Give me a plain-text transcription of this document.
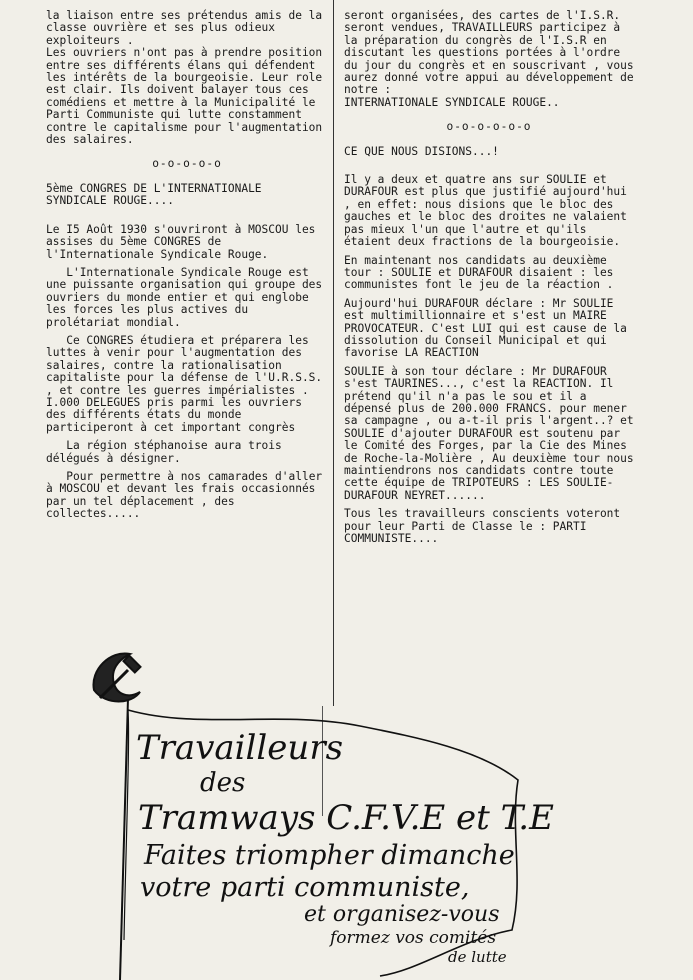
la liaison entre ses prétendus amis de la classe ouvrière et ses plus odieux exploiteurs .
Les ouvriers n'ont pas à prendre position entre ses différents élans qui défendent les intérêts de la bourgeoisie. Leur role est clair. Ils doivent balayer tous ces comédiens et mettre à la Municipalité le Parti Communiste qui lutte constamment contre le capitalisme pour l'augmentation des salaires.

o-o-o-o-o

5ème CONGRES DE L'INTERNATIONALE SYNDICALE ROUGE....

Le I5 Août 1930 s'ouvriront à MOSCOU les assises du 5ème CONGRES de l'Internationale Syndicale Rouge.

L'Internationale Syndicale Rouge est une puissante organisation qui groupe des ouvriers du monde entier et qui englobe les forces les plus actives du prolétariat mondial.

Ce CONGRES étudiera et préparera les luttes à venir pour l'augmentation des salaires, contre la rationalisation capitaliste pour la défense de l'U.R.S.S. , et contre les guerres impérialistes . I.000 DELEGUES pris parmi les ouvriers des différents états du monde participeront à cet important congrès

La région stéphanoise aura trois délégués à désigner.

Pour permettre à nos camarades d'aller à MOSCOU et devant les frais occasionnés par un tel déplacement , des collectes.....

seront organisées, des cartes de l'I.S.R. seront vendues, TRAVAILLEURS participez à la préparation du congrès de l'I.S.R en discutant les questions portées à l'ordre du jour du congrès et en souscrivant , vous aurez donné votre appui au développement de notre :
INTERNATIONALE SYNDICALE ROUGE..

o-o-o-o-o-o

CE QUE NOUS DISIONS...!

Il y a deux et quatre ans sur SOULIE et DURAFOUR est plus que justifié aujourd'hui , en effet: nous disions que le bloc des gauches et le bloc des droites ne valaient pas mieux l'un que l'autre et qu'ils étaient deux fractions de la bourgeoisie.

En maintenant nos candidats au deuxième tour : SOULIE et DURAFOUR disaient : les communistes font le jeu de la réaction .

Aujourd'hui DURAFOUR déclare : Mr SOULIE est multimillionnaire et s'est un MAIRE PROVOCATEUR. C'est LUI qui est cause de la dissolution du Conseil Municipal et qui favorise LA REACTION

SOULIE à son tour déclare : Mr DURAFOUR s'est TAURINES..., c'est la REACTION. Il prétend qu'il n'a pas le sou et il a dépensé plus de 200.000 FRANCS. pour mener sa campagne , ou a-t-il pris l'argent..? et SOULIE d'ajouter DURAFOUR est soutenu par le Comité des Forges, par la Cie des Mines de Roche-la-Molière , Au deuxième tour nous maintiendrons nos candidats contre toute cette équipe de TRIPOTEURS : LES SOULIE-DURAFOUR NEYRET......

Tous les travailleurs conscients voteront pour leur Parti de Classe le : PARTI COMMUNISTE....

Travailleurs
des
Tramways C.F.V.E et T.E
Faites triompher dimanche
votre parti communiste,
et organisez-vous
formez vos comités
de lutte
